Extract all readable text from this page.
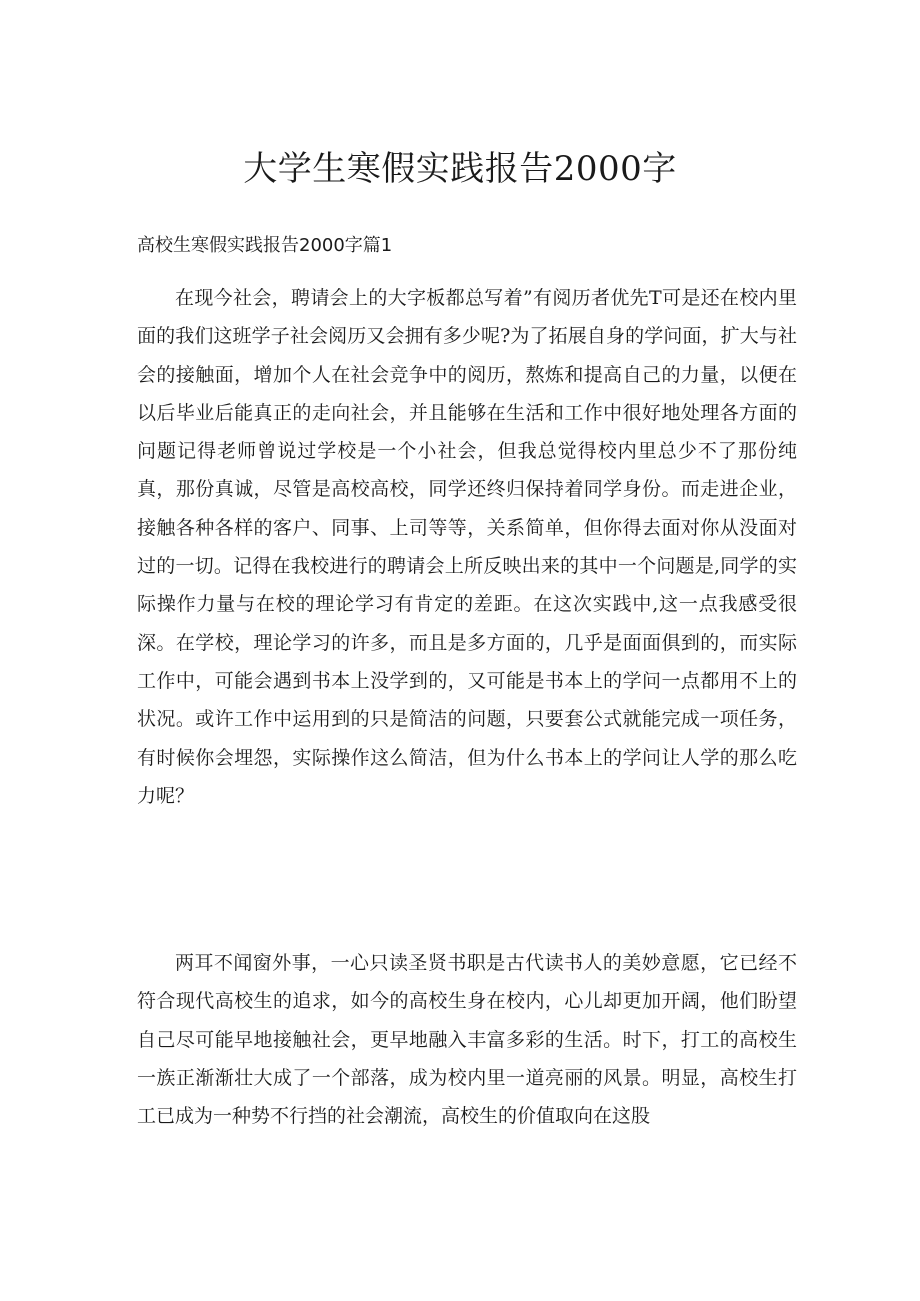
大学生寒假实践报告2000字
高校生寒假实践报告2000字篇1

在现今社会，聘请会上的大字板都总写着”有阅历者优先T可是还在校内里面的我们这班学子社会阅历又会拥有多少呢?为了拓展自身的学问面，扩大与社会的接触面，增加个人在社会竞争中的阅历，熬炼和提高自己的力量，以便在以后毕业后能真正的走向社会，并且能够在生活和工作中很好地处理各方面的问题记得老师曾说过学校是一个小社会，但我总觉得校内里总少不了那份纯真，那份真诚，尽管是高校高校，同学还终归保持着同学身份。而走进企业，接触各种各样的客户、同事、上司等等，关系简单，但你得去面对你从没面对过的一切。记得在我校进行的聘请会上所反映出来的其中一个问题是,同学的实际操作力量与在校的理论学习有肯定的差距。在这次实践中,这一点我感受很深。在学校，理论学习的许多，而且是多方面的，几乎是面面俱到的，而实际工作中，可能会遇到书本上没学到的，又可能是书本上的学问一点都用不上的状况。或许工作中运用到的只是简洁的问题，只要套公式就能完成一项任务，有时候你会埋怨，实际操作这么简洁，但为什么书本上的学问让人学的那么吃力呢？

两耳不闻窗外事，一心只读圣贤书职是古代读书人的美妙意愿，它已经不符合现代高校生的追求，如今的高校生身在校内，心儿却更加开阔，他们盼望自己尽可能早地接触社会，更早地融入丰富多彩的生活。时下，打工的高校生一族正渐渐壮大成了一个部落，成为校内里一道亮丽的风景。明显，高校生打工已成为一种势不行挡的社会潮流，高校生的价值取向在这股
